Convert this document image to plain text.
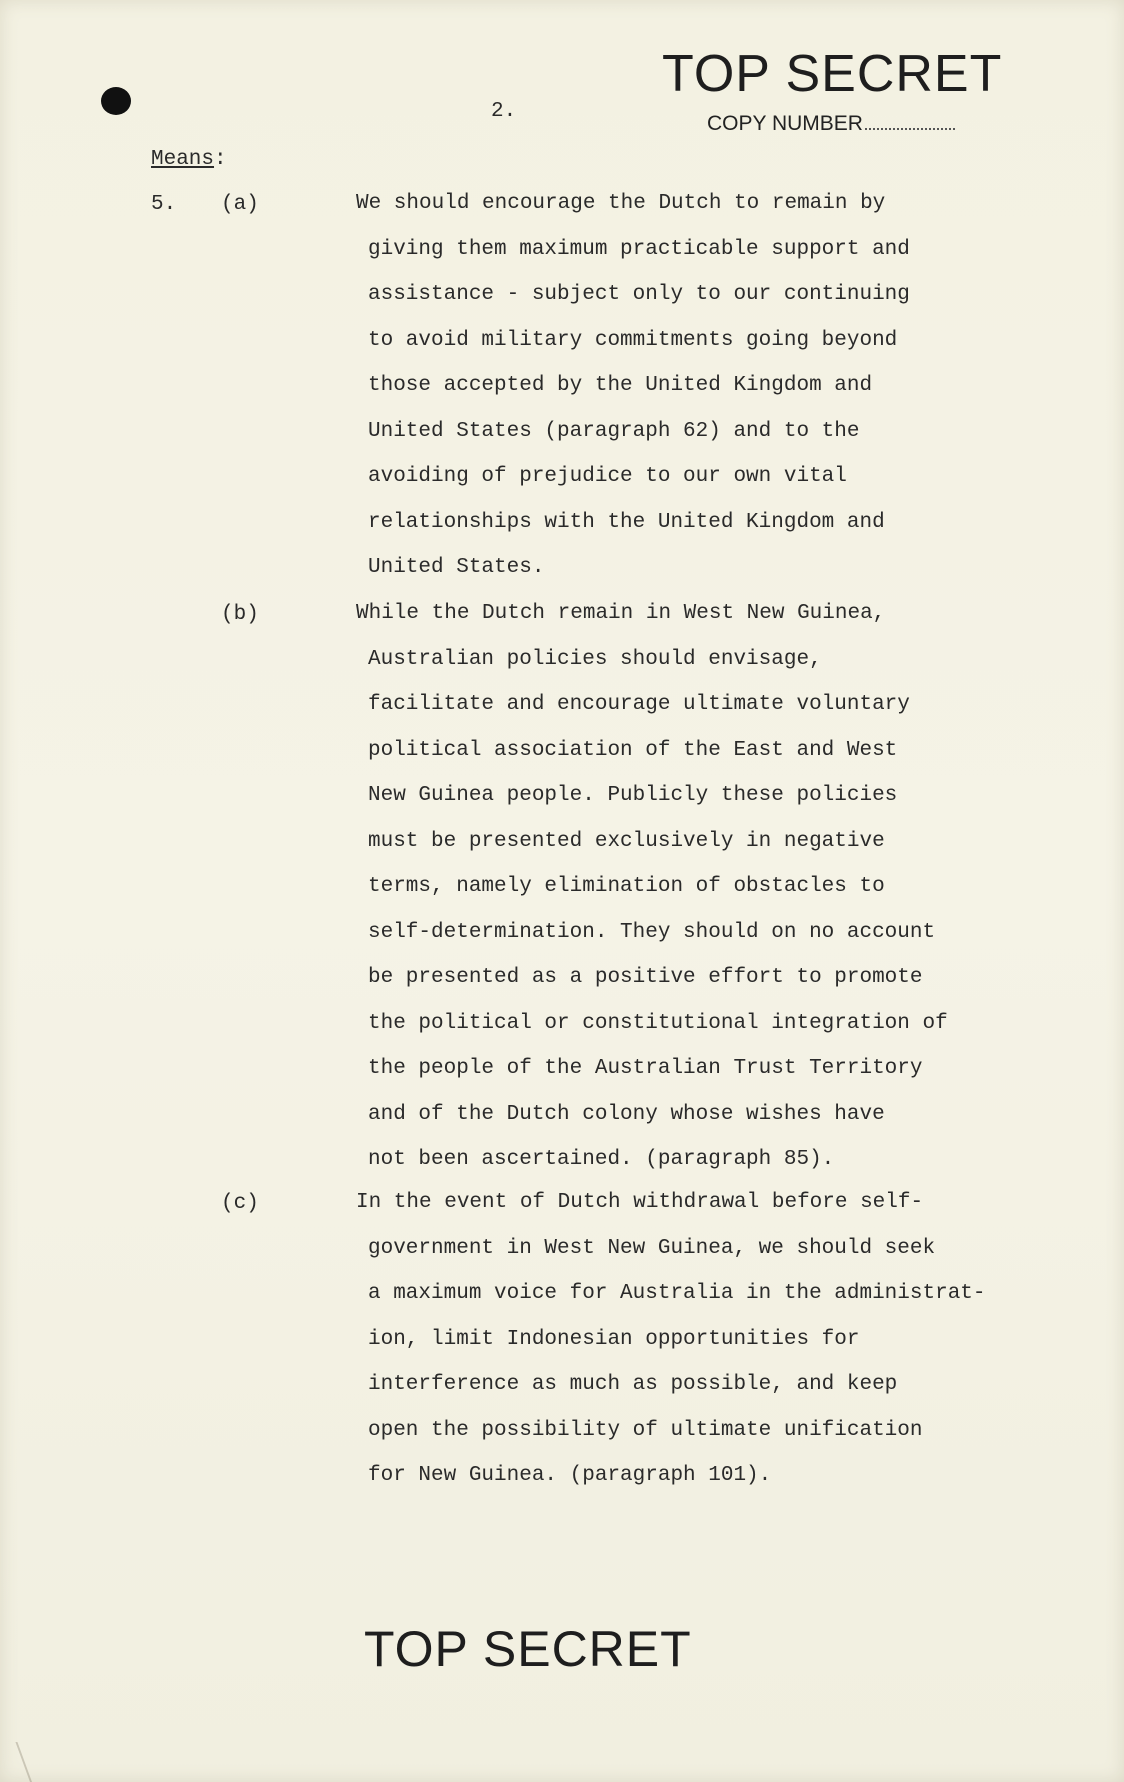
TOP SECRET
COPY NUMBER
2.
Means:
5. (a)	We should encourage the Dutch to remain by
giving them maximum practicable support and
assistance - subject only to our continuing
to avoid military commitments going beyond
those accepted by the United Kingdom and
United States (paragraph 62) and to the
avoiding of prejudice to our own vital
relationships with the United Kingdom and
United States.
(b)	While the Dutch remain in West New Guinea,
Australian policies should envisage,
facilitate and encourage ultimate voluntary
political association of the East and West
New Guinea people. Publicly these policies
must be presented exclusively in negative
terms, namely elimination of obstacles to
self-determination. They should on no account
be presented as a positive effort to promote
the political or constitutional integration of
the people of the Australian Trust Territory
and of the Dutch colony whose wishes have
not been ascertained. (paragraph 85).
(c)	In the event of Dutch withdrawal before self-
government in West New Guinea, we should seek
a maximum voice for Australia in the administrat-
ion, limit Indonesian opportunities for
interference as much as possible, and keep
open the possibility of ultimate unification
for New Guinea. (paragraph 101).
TOP SECRET
